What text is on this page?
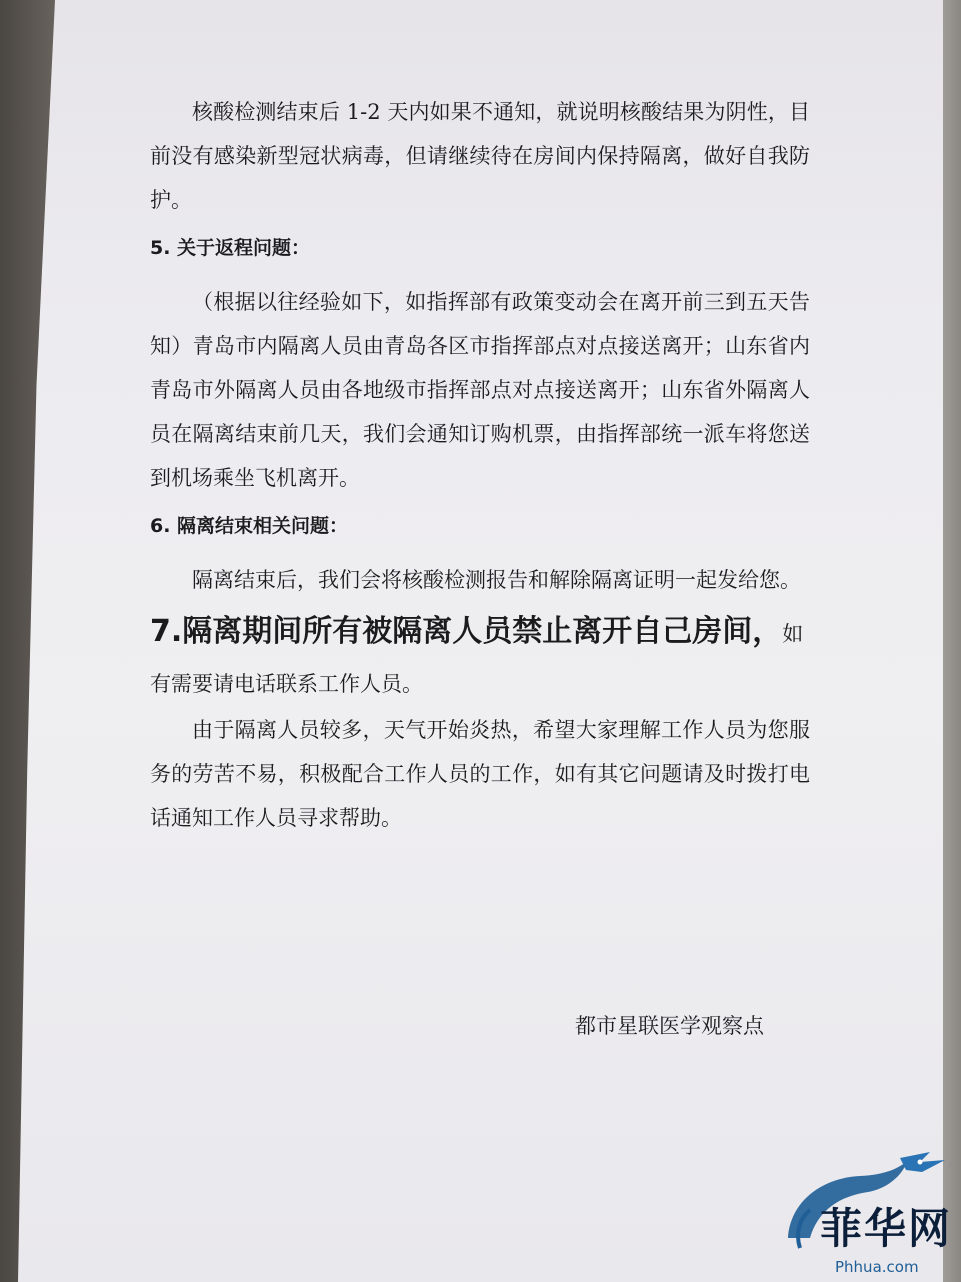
核酸检测结束后 1-2 天内如果不通知，就说明核酸结果为阴性，目前没有感染新型冠状病毒，但请继续待在房间内保持隔离，做好自我防护。

5. 关于返程问题：

（根据以往经验如下，如指挥部有政策变动会在离开前三到五天告知）青岛市内隔离人员由青岛各区市指挥部点对点接送离开；山东省内青岛市外隔离人员由各地级市指挥部点对点接送离开；山东省外隔离人员在隔离结束前几天，我们会通知订购机票，由指挥部统一派车将您送到机场乘坐飞机离开。

6. 隔离结束相关问题：

隔离结束后，我们会将核酸检测报告和解除隔离证明一起发给您。

7.隔离期间所有被隔离人员禁止离开自己房间，如有需要请电话联系工作人员。

由于隔离人员较多，天气开始炎热，希望大家理解工作人员为您服务的劳苦不易，积极配合工作人员的工作，如有其它问题请及时拨打电话通知工作人员寻求帮助。

都市星联医学观察点
菲华网
Phhua.com
